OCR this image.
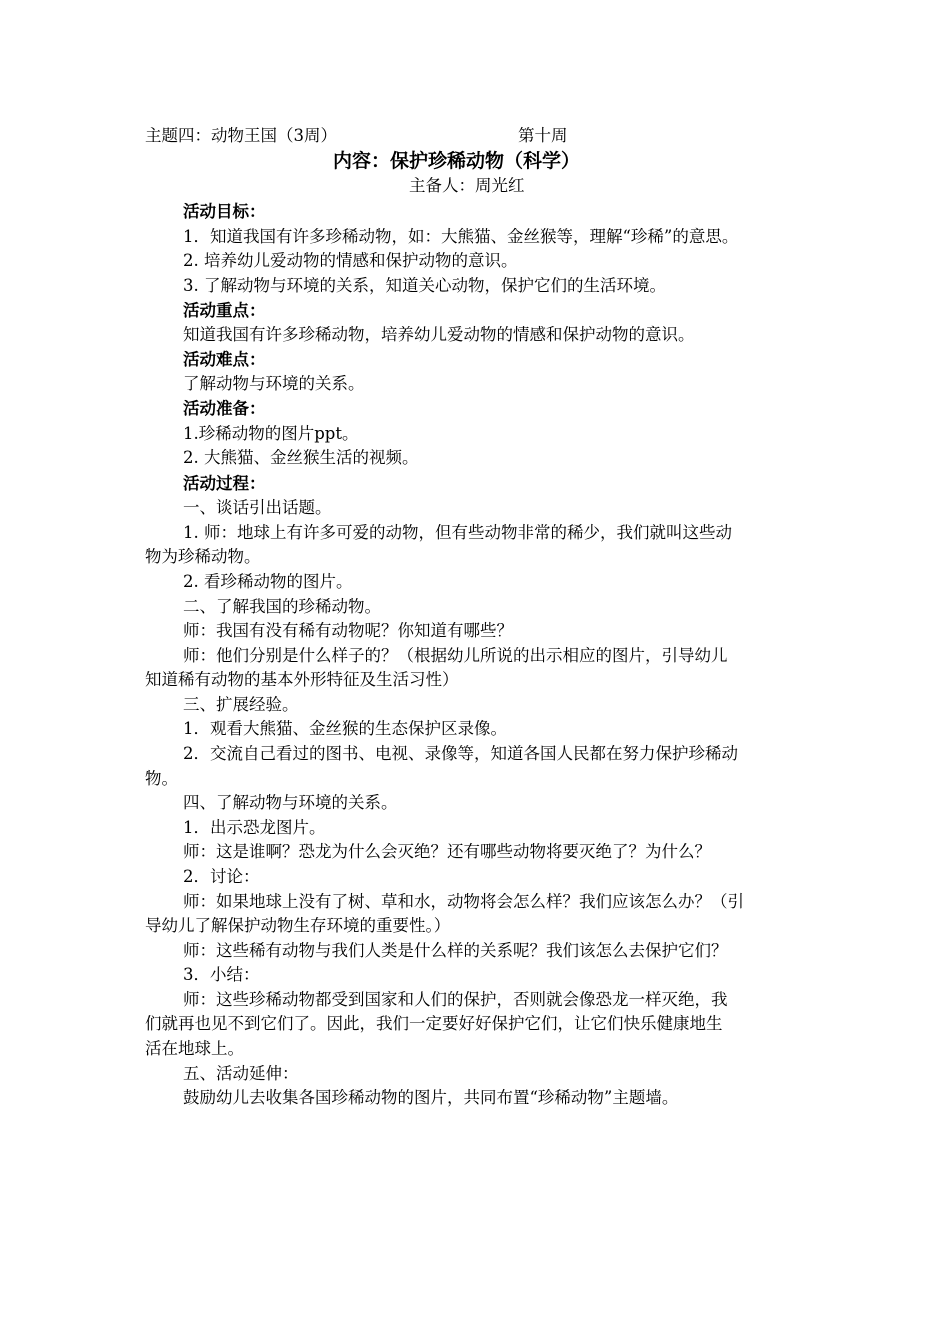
主题四：动物王国（3周）	第十周
内容：保护珍稀动物（科学）
主备人：周光红
活动目标：
1．知道我国有许多珍稀动物，如：大熊猫、金丝猴等，理解“珍稀”的意思。
2. 培养幼儿爱动物的情感和保护动物的意识。
3. 了解动物与环境的关系，知道关心动物，保护它们的生活环境。
活动重点：
知道我国有许多珍稀动物，培养幼儿爱动物的情感和保护动物的意识。
活动难点：
了解动物与环境的关系。
活动准备：
1.珍稀动物的图片ppt。
2. 大熊猫、金丝猴生活的视频。
活动过程：
一、谈话引出话题。
1. 师：地球上有许多可爱的动物，但有些动物非常的稀少，我们就叫这些动
物为珍稀动物。
2. 看珍稀动物的图片。
二、了解我国的珍稀动物。
师：我国有没有稀有动物呢？你知道有哪些？
师：他们分别是什么样子的？（根据幼儿所说的出示相应的图片，引导幼儿
知道稀有动物的基本外形特征及生活习性）
三、扩展经验。
1．观看大熊猫、金丝猴的生态保护区录像。
2．交流自己看过的图书、电视、录像等，知道各国人民都在努力保护珍稀动
物。
四、了解动物与环境的关系。
1．出示恐龙图片。
师：这是谁啊？恐龙为什么会灭绝？还有哪些动物将要灭绝了？为什么？
2．讨论：
师：如果地球上没有了树、草和水，动物将会怎么样？我们应该怎么办？（引
导幼儿了解保护动物生存环境的重要性。）
师：这些稀有动物与我们人类是什么样的关系呢？我们该怎么去保护它们？
3．小结：
师：这些珍稀动物都受到国家和人们的保护，否则就会像恐龙一样灭绝，我
们就再也见不到它们了。因此，我们一定要好好保护它们，让它们快乐健康地生
活在地球上。
五、活动延伸：
鼓励幼儿去收集各国珍稀动物的图片，共同布置“珍稀动物”主题墙。
